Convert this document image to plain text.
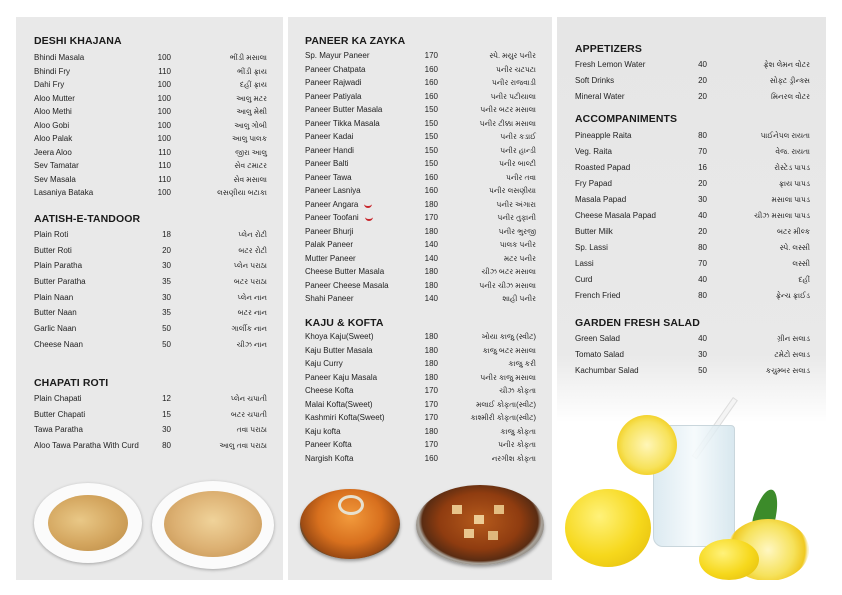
DESHI KHAJANA
Bhindi Masala	100	ભીંડી મસાલા
Bhindi Fry	110	ભીંડી ફ્રાય
Dahi Fry	100	દહીં ફ્રાય
Aloo Mutter	100	આલુ મટર
Aloo Methi	100	આલુ મેથી
Aloo Gobi	100	આલુ ગોબી
Aloo Palak	100	આલુ પાલક
Jeera Aloo	110	જીરા આલુ
Sev Tamatar	110	સેવ ટમાટર
Sev Masala	110	સેવ મસાલા
Lasaniya Bataka	100	લસણીયા બટાકા
AATISH-E-TANDOOR
Plain Roti	18	પ્લેન રોટી
Butter Roti	20	બટર રોટી
Plain Paratha	30	પ્લેન પરાઠા
Butter Paratha	35	બટર પરાઠા
Plain Naan	30	પ્લેન નાન
Butter Naan	35	બટર નાન
Garlic Naan	50	ગાર્લીક નાન
Cheese Naan	50	ચીઝ નાન
CHAPATI ROTI
Plain Chapati	12	પ્લેન ચપાતી
Butter Chapati	15	બટર ચપાતી
Tawa Paratha	30	તવા પરાઠા
Aloo Tawa Paratha With Curd	80	આલુ તવા પરાઠા
PANEER KA ZAYKA
Sp. Mayur Paneer	170	સ્પે. મયુર પનીર
Paneer Chatpata	160	પનીર ચટપટા
Paneer Rajwadi	160	પનીર રાજવાડી
Paneer Patiyala	160	પનીર પટીયાલા
Paneer Butter Masala	150	પનીર બટર મસાલા
Paneer Tikka Masala	150	પનીર ટીક્કા મસાલા
Paneer Kadai	150	પનીર કડાઈ
Paneer Handi	150	પનીર હાન્ડી
Paneer Balti	150	પનીર બાલ્ટી
Paneer Tawa	160	પનીર તવા
Paneer Lasniya	160	પનીર લસણીયા
Paneer Angara	180	પનીર અંગારા
Paneer Toofani	170	પનીર તુફાની
Paneer Bhurji	180	પનીર ભુરજી
Palak Paneer	140	પાલક પનીર
Mutter Paneer	140	મટર પનીર
Cheese Butter Masala	180	ચીઝ બટર મસાલા
Paneer Cheese Masala	180	પનીર ચીઝ મસાલા
Shahi Paneer	140	શાહી પનીર
KAJU & KOFTA
Khoya Kaju(Sweet)	180	ખોયા કાજુ (સ્વીટ)
Kaju Butter Masala	180	કાજુ બટર મસાલા
Kaju Curry	180	કાજુ કરી
Paneer Kaju Masala	180	પનીર કાજુ મસાલા
Cheese Kofta	170	ચીઝ કોફતા
Malai Kofta(Sweet)	170	મલાઈ કોફતા(સ્વીટ)
Kashmiri Kofta(Sweet)	170	કાશ્મીરી કોફતા(સ્વીટ)
Kaju kofta	180	કાજુ કોફતા
Paneer Kofta	170	પનીર કોફતા
Nargish Kofta	160	નરગીશ કોફતા
APPETIZERS
Fresh Lemon Water	40	ફ્રેશ લેમન વોટર
Soft Drinks	20	સોફ્ટ ડ્રીન્ક્સ
Mineral Water	20	મિનરલ વોટર
ACCOMPANIMENTS
Pineapple Raita	80	પાઈનેપલ રાયતા
Veg. Raita	70	વેજ. રાયતા
Roasted Papad	16	રોસ્ટેડ પાપડ
Fry Papad	20	ફ્રાય પાપડ
Masala Papad	30	મસાલા પાપડ
Cheese Masala Papad	40	ચીઝ મસાલા પાપડ
Butter Milk	20	બટર મીલ્ક
Sp. Lassi	80	સ્પે. લસ્સી
Lassi	70	લસ્સી
Curd	40	દહીં
French Fried	80	ફ્રેન્ચ ફ્રાઈડ
GARDEN FRESH SALAD
Green Salad	40	ગ્રીન સલાડ
Tomato Salad	30	ટમેટો સલાડ
Kachumbar Salad	50	કચુમ્બર સલાડ
